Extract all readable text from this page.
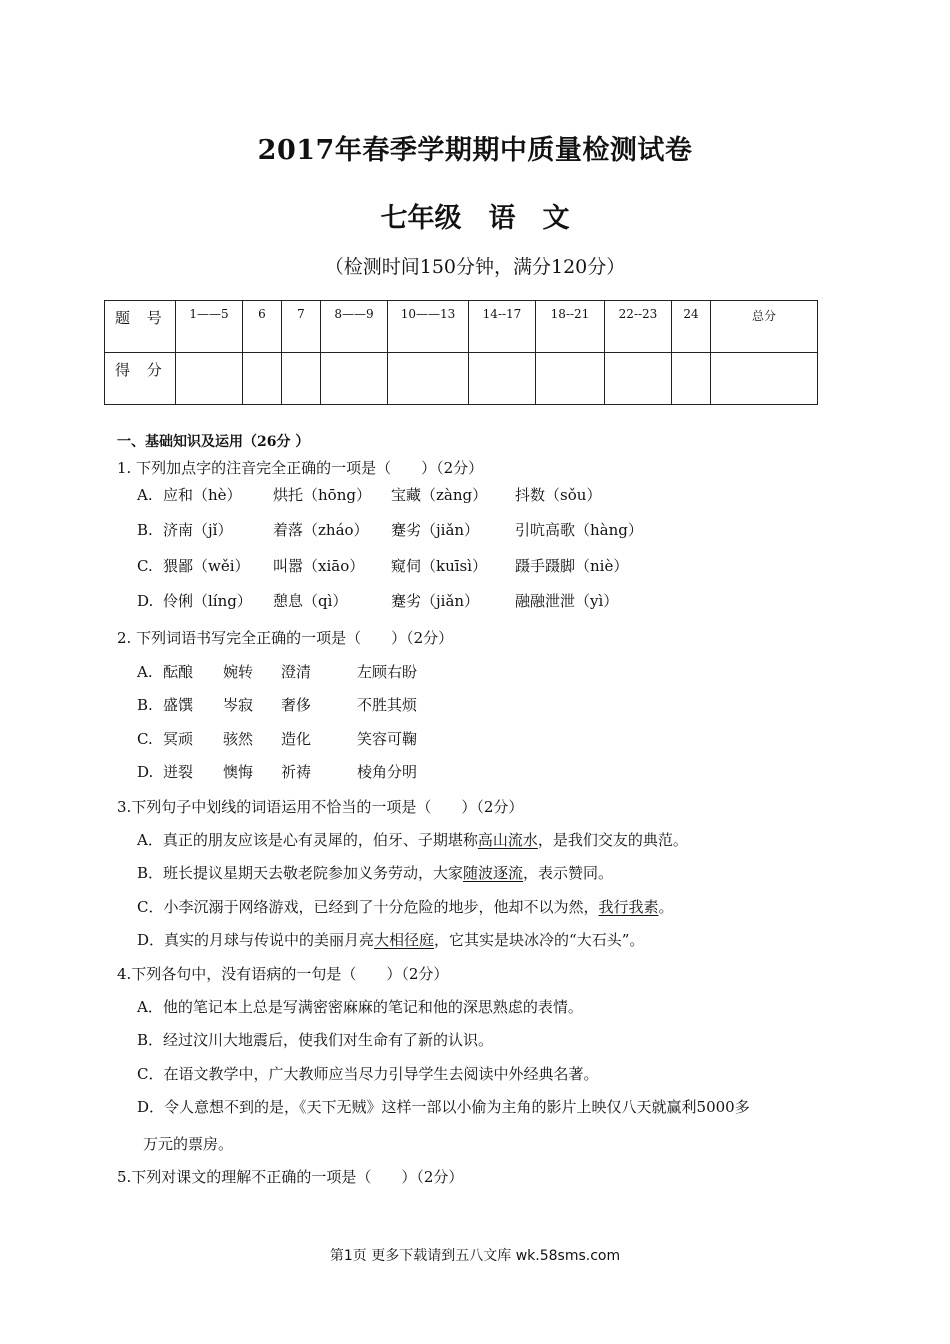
2017年春季学期期中质量检测试卷
七年级　语　文
（检测时间150分钟，满分120分）
题 号	1——5	6	7	8——9	10——13	14--17	18--21	22--23	24	总分
得 分										
一、基础知识及运用（26分 ）
1. 下列加点字的注音完全正确的一项是（　　）（2分）
A. 应和（hè） 烘托（hōng） 宝藏（zàng） 抖数（sǒu）
B. 济南（jǐ）	着落（zháo） 蹇劣（jiǎn） 引吭高歌（hàng）
C. 猥鄙（wěi） 叫嚣（xiāo） 窥伺（kuīsì） 蹑手蹑脚（niè）
D. 伶俐（líng） 憩息（qì）	蹇劣（jiǎn） 融融泄泄（yì）
2. 下列词语书写完全正确的一项是（　　）（2分）
A. 酝酿 婉转 澄清	左顾右盼
B. 盛馔 岑寂 奢侈	不胜其烦
C. 冥顽 骇然 造化	笑容可鞠
D. 迸裂 懊悔 祈祷	棱角分明
3.下列句子中划线的词语运用不恰当的一项是（　　）（2分）
A．真正的朋友应该是心有灵犀的，伯牙、子期堪称高山流水，是我们交友的典范。
B．班长提议星期天去敬老院参加义务劳动，大家随波逐流，表示赞同。
C．小李沉溺于网络游戏，已经到了十分危险的地步，他却不以为然，我行我素。
D．真实的月球与传说中的美丽月亮大相径庭，它其实是块冰冷的“大石头”。
4.下列各句中，没有语病的一句是（　　）（2分）
A．他的笔记本上总是写满密密麻麻的笔记和他的深思熟虑的表情。
B．经过汶川大地震后，使我们对生命有了新的认识。
C．在语文教学中，广大教师应当尽力引导学生去阅读中外经典名著。
D．令人意想不到的是，《天下无贼》这样一部以小偷为主角的影片上映仅八天就赢利5000多
万元的票房。
5.下列对课文的理解不正确的一项是（　　）（2分）
第1页 更多下载请到五八文库 wk.58sms.com
